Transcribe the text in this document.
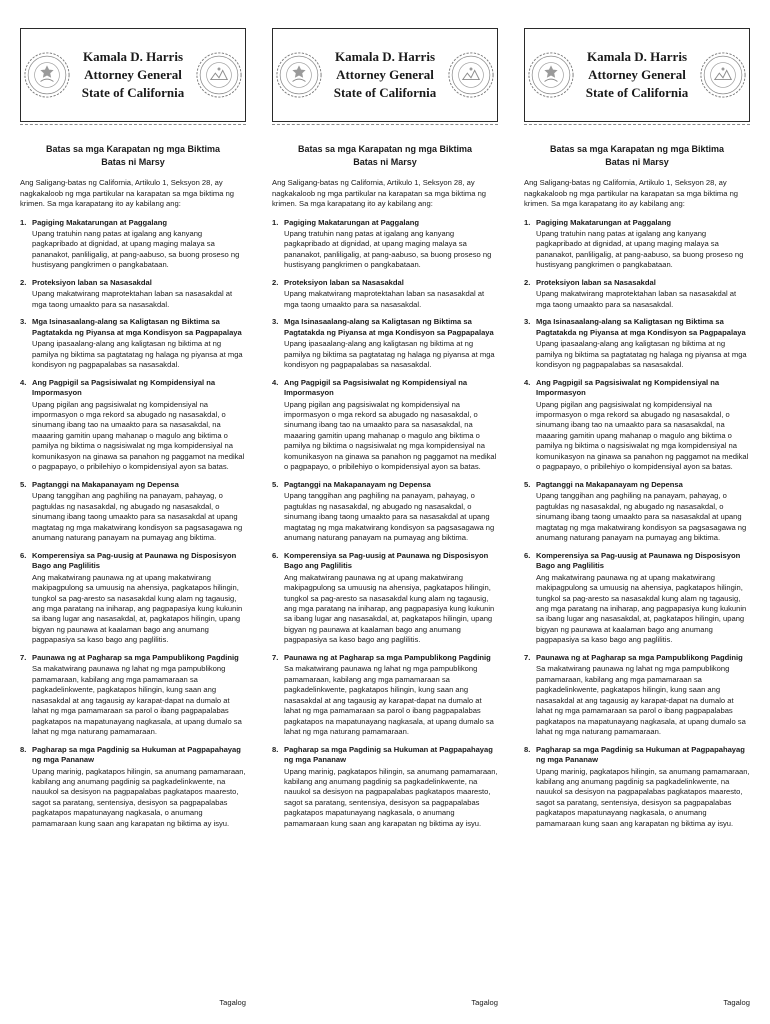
Kamala D. Harris
Attorney General
State of California
Batas sa mga Karapatan ng mga Biktima
Batas ni Marsy

Ang Saligang-batas ng California, Artikulo 1, Seksyon 28, ay nagkakaloob ng mga partikular na karapatan sa mga biktima ng krimen. Sa mga karapatang ito ay kabilang ang:

1. Pagiging Makatarungan at Paggalang
Upang tratuhin nang patas at igalang ang kanyang pagkapribado at dignidad, at upang maging malaya sa pananakot, panliligalig, at pang-aabuso, sa buong proseso ng hustisyang pangkrimen o pangkabataan.
2. Proteksiyon laban sa Nasasakdal
Upang makatwirang maprotektahan laban sa nasasakdal at mga taong umaakto para sa nasasakdal.
3. Mga Isinasaalang-alang sa Kaligtasan ng Biktima sa Pagtatakda ng Piyansa at mga Kondisyon sa Pagpapalaya
Upang ipasaalang-alang ang kaligtasan ng biktima at ng pamilya ng biktima sa pagtatatag ng halaga ng piyansa at mga kondisyon ng pagpapalabas sa nasasakdal.
4. Ang Pagpigil sa Pagsisiwalat ng Kompidensiyal na Impormasyon
Upang pigilan ang pagsisiwalat ng kompidensiyal na impormasyon o mga rekord sa abugado ng nasasakdal, o sinumang ibang tao na umaakto para sa nasasakdal, na maaaring gamitin upang mahanap o magulo ang biktima o pamilya ng biktima o nagsisiwalat ng mga kompidensiyal na komunikasyon na ginawa sa panahon ng paggamot na medikal o pagpapayo, o pribilehiyo o kompidensiyal ayon sa batas.
5. Pagtanggi na Makapanayam ng Depensa
Upang tanggihan ang paghiling na panayam, pahayag, o pagtuklas ng nasasakdal, ng abugado ng nasasakdal, o sinumang ibang taong umaakto para sa nasasakdal at upang magtatag ng mga makatwirang kondisyon sa pagsasagawa ng anumang naturang panayam na pumayag ang biktima.
6. Komperensiya sa Pag-uusig at Paunawa ng Disposisyon Bago ang Paglilitis
Ang makatwirang paunawa ng at upang makatwirang makipagpulong sa umuusig na ahensiya, pagkatapos hilingin, tungkol sa pag-aresto sa nasasakdal kung alam ng tagausig, ang mga paratang na iniharap, ang pagpapasiya kung kukunin sa ibang lugar ang nasasakdal, at, pagkatapos hilingin, upang bigyan ng paunawa at kaalaman bago ang anumang pagpapasiya sa kaso bago ang paglilitis.
7. Paunawa ng at Pagharap sa mga Pampublikong Pagdinig
Sa makatwirang paunawa ng lahat ng mga pampublikong pamamaraan, kabilang ang mga pamamaraan sa pagkadelinkwente, pagkatapos hilingin, kung saan ang nasasakdal at ang tagausig ay karapat-dapat na dumalo at lahat ng mga pamamaraan sa parol o ibang pagpapalabas pagkatapos na mapatunayang nagkasala, at upang dumalo sa lahat ng mga naturang pamamaraan.
8. Pagharap sa mga Pagdinig sa Hukuman at Pagpapahayag ng mga Pananaw
Upang marinig, pagkatapos hilingin, sa anumang pamamaraan, kabilang ang anumang pagdinig sa pagkadelinkwente, na nauukol sa desisyon na pagpapalabas pagkatapos maaresto, sagot sa paratang, sentensiya, desisyon sa pagpapalabas pagkatapos mapatunayang nagkasala, o anumang pamamaraan kung saan ang karapatan ng biktima ay isyu.
Tagalog
Kamala D. Harris
Attorney General
State of California
Batas sa mga Karapatan ng mga Biktima
Batas ni Marsy

Ang Saligang-batas ng California, Artikulo 1, Seksyon 28, ay nagkakaloob ng mga partikular na karapatan sa mga biktima ng krimen. Sa mga karapatang ito ay kabilang ang:

1. Pagiging Makatarungan at Paggalang
Upang tratuhin nang patas at igalang ang kanyang pagkapribado at dignidad, at upang maging malaya sa pananakot, panliligalig, at pang-aabuso, sa buong proseso ng hustisyang pangkrimen o pangkabataan.
2. Proteksiyon laban sa Nasasakdal
Upang makatwirang maprotektahan laban sa nasasakdal at mga taong umaakto para sa nasasakdal.
3. Mga Isinasaalang-alang sa Kaligtasan ng Biktima sa Pagtatakda ng Piyansa at mga Kondisyon sa Pagpapalaya
Upang ipasaalang-alang ang kaligtasan ng biktima at ng pamilya ng biktima sa pagtatatag ng halaga ng piyansa at mga kondisyon ng pagpapalabas sa nasasakdal.
4. Ang Pagpigil sa Pagsisiwalat ng Kompidensiyal na Impormasyon
Upang pigilan ang pagsisiwalat ng kompidensiyal na impormasyon o mga rekord sa abugado ng nasasakdal, o sinumang ibang tao na umaakto para sa nasasakdal, na maaaring gamitin upang mahanap o magulo ang biktima o pamilya ng biktima o nagsisiwalat ng mga kompidensiyal na komunikasyon na ginawa sa panahon ng paggamot na medikal o pagpapayo, o pribilehiyo o kompidensiyal ayon sa batas.
5. Pagtanggi na Makapanayam ng Depensa
Upang tanggihan ang paghiling na panayam, pahayag, o pagtuklas ng nasasakdal, ng abugado ng nasasakdal, o sinumang ibang taong umaakto para sa nasasakdal at upang magtatag ng mga makatwirang kondisyon sa pagsasagawa ng anumang naturang panayam na pumayag ang biktima.
6. Komperensiya sa Pag-uusig at Paunawa ng Disposisyon Bago ang Paglilitis
Ang makatwirang paunawa ng at upang makatwirang makipagpulong sa umuusig na ahensiya, pagkatapos hilingin, tungkol sa pag-aresto sa nasasakdal kung alam ng tagausig, ang mga paratang na iniharap, ang pagpapasiya kung kukunin sa ibang lugar ang nasasakdal, at, pagkatapos hilingin, upang bigyan ng paunawa at kaalaman bago ang anumang pagpapasiya sa kaso bago ang paglilitis.
7. Paunawa ng at Pagharap sa mga Pampublikong Pagdinig
Sa makatwirang paunawa ng lahat ng mga pampublikong pamamaraan, kabilang ang mga pamamaraan sa pagkadelinkwente, pagkatapos hilingin, kung saan ang nasasakdal at ang tagausig ay karapat-dapat na dumalo at lahat ng mga pamamaraan sa parol o ibang pagpapalabas pagkatapos na mapatunayang nagkasala, at upang dumalo sa lahat ng mga naturang pamamaraan.
8. Pagharap sa mga Pagdinig sa Hukuman at Pagpapahayag ng mga Pananaw
Upang marinig, pagkatapos hilingin, sa anumang pamamaraan, kabilang ang anumang pagdinig sa pagkadelinkwente, na nauukol sa desisyon na pagpapalabas pagkatapos maaresto, sagot sa paratang, sentensiya, desisyon sa pagpapalabas pagkatapos mapatunayang nagkasala, o anumang pamamaraan kung saan ang karapatan ng biktima ay isyu.
Tagalog
Kamala D. Harris
Attorney General
State of California
Batas sa mga Karapatan ng mga Biktima
Batas ni Marsy

Ang Saligang-batas ng California, Artikulo 1, Seksyon 28, ay nagkakaloob ng mga partikular na karapatan sa mga biktima ng krimen. Sa mga karapatang ito ay kabilang ang:

1. Pagiging Makatarungan at Paggalang
Upang tratuhin nang patas at igalang ang kanyang pagkapribado at dignidad, at upang maging malaya sa pananakot, panliligalig, at pang-aabuso, sa buong proseso ng hustisyang pangkrimen o pangkabataan.
2. Proteksiyon laban sa Nasasakdal
Upang makatwirang maprotektahan laban sa nasasakdal at mga taong umaakto para sa nasasakdal.
3. Mga Isinasaalang-alang sa Kaligtasan ng Biktima sa Pagtatakda ng Piyansa at mga Kondisyon sa Pagpapalaya
Upang ipasaalang-alang ang kaligtasan ng biktima at ng pamilya ng biktima sa pagtatatag ng halaga ng piyansa at mga kondisyon ng pagpapalabas sa nasasakdal.
4. Ang Pagpigil sa Pagsisiwalat ng Kompidensiyal na Impormasyon
Upang pigilan ang pagsisiwalat ng kompidensiyal na impormasyon o mga rekord sa abugado ng nasasakdal, o sinumang ibang tao na umaakto para sa nasasakdal, na maaaring gamitin upang mahanap o magulo ang biktima o pamilya ng biktima o nagsisiwalat ng mga kompidensiyal na komunikasyon na ginawa sa panahon ng paggamot na medikal o pagpapayo, o pribilehiyo o kompidensiyal ayon sa batas.
5. Pagtanggi na Makapanayam ng Depensa
Upang tanggihan ang paghiling na panayam, pahayag, o pagtuklas ng nasasakdal, ng abugado ng nasasakdal, o sinumang ibang taong umaakto para sa nasasakdal at upang magtatag ng mga makatwirang kondisyon sa pagsasagawa ng anumang naturang panayam na pumayag ang biktima.
6. Komperensiya sa Pag-uusig at Paunawa ng Disposisyon Bago ang Paglilitis
Ang makatwirang paunawa ng at upang makatwirang makipagpulong sa umuusig na ahensiya, pagkatapos hilingin, tungkol sa pag-aresto sa nasasakdal kung alam ng tagausig, ang mga paratang na iniharap, ang pagpapasiya kung kukunin sa ibang lugar ang nasasakdal, at, pagkatapos hilingin, upang bigyan ng paunawa at kaalaman bago ang anumang pagpapasiya sa kaso bago ang paglilitis.
7. Paunawa ng at Pagharap sa mga Pampublikong Pagdinig
Sa makatwirang paunawa ng lahat ng mga pampublikong pamamaraan, kabilang ang mga pamamaraan sa pagkadelinkwente, pagkatapos hilingin, kung saan ang nasasakdal at ang tagausig ay karapat-dapat na dumalo at lahat ng mga pamamaraan sa parol o ibang pagpapalabas pagkatapos na mapatunayang nagkasala, at upang dumalo sa lahat ng mga naturang pamamaraan.
8. Pagharap sa mga Pagdinig sa Hukuman at Pagpapahayag ng mga Pananaw
Upang marinig, pagkatapos hilingin, sa anumang pamamaraan, kabilang ang anumang pagdinig sa pagkadelinkwente, na nauukol sa desisyon na pagpapalabas pagkatapos maaresto, sagot sa paratang, sentensiya, desisyon sa pagpapalabas pagkatapos mapatunayang nagkasala, o anumang pamamaraan kung saan ang karapatan ng biktima ay isyu.
Tagalog
